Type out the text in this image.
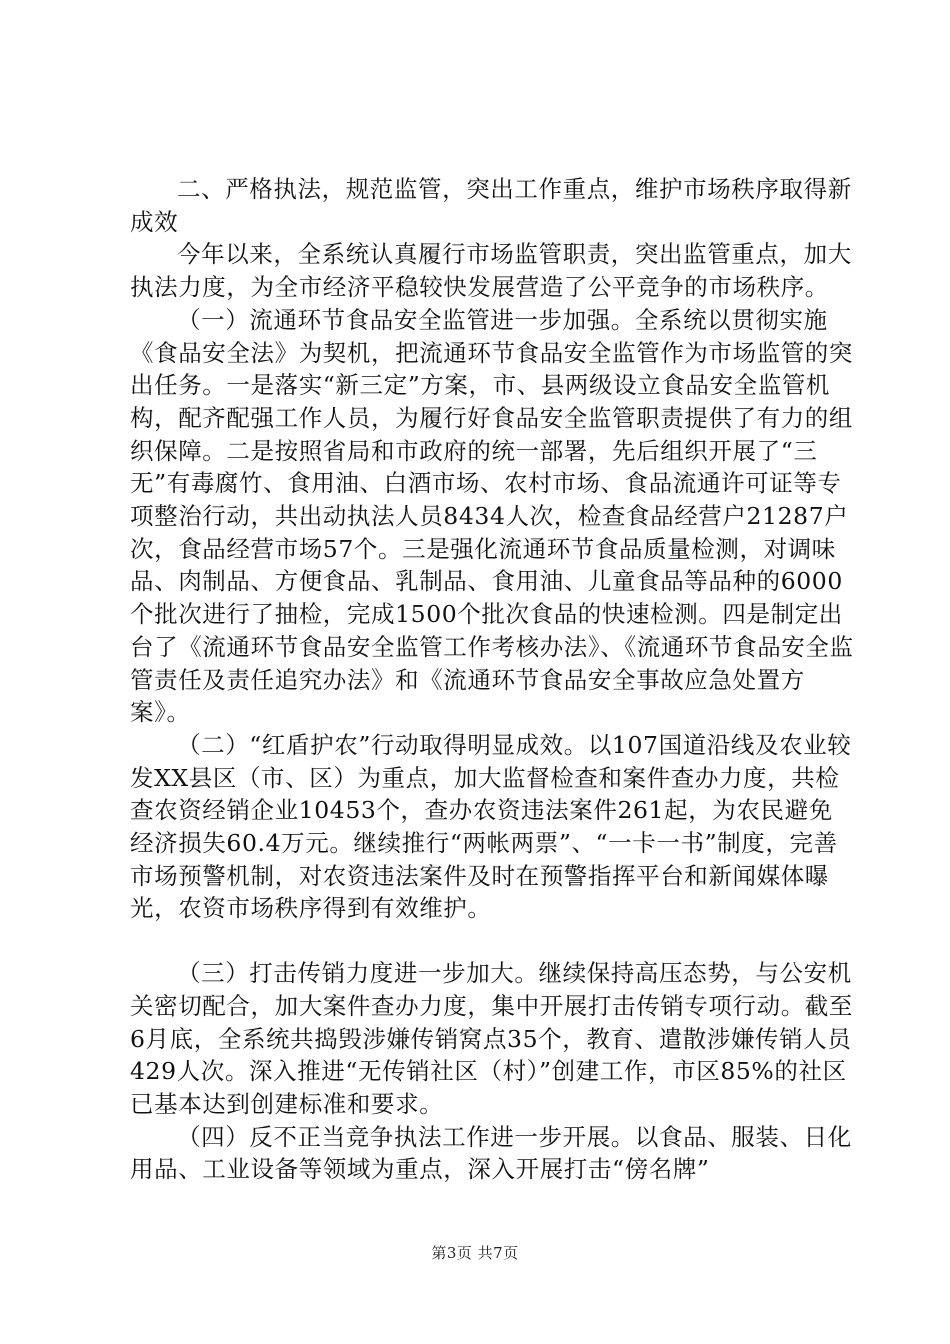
二、严格执法，规范监管，突出工作重点，维护市场秩序取得新成效

今年以来，全系统认真履行市场监管职责，突出监管重点，加大执法力度，为全市经济平稳较快发展营造了公平竞争的市场秩序。

（一）流通环节食品安全监管进一步加强。全系统以贯彻实施《食品安全法》为契机，把流通环节食品安全监管作为市场监管的突出任务。一是落实“新三定”方案，市、县两级设立食品安全监管机构，配齐配强工作人员，为履行好食品安全监管职责提供了有力的组织保障。二是按照省局和市政府的统一部署，先后组织开展了“三无”有毒腐竹、食用油、白酒市场、农村市场、食品流通许可证等专项整治行动，共出动执法人员8434人次，检查食品经营户21287户次，食品经营市场57个。三是强化流通环节食品质量检测，对调味品、肉制品、方便食品、乳制品、食用油、儿童食品等品种的6000个批次进行了抽检，完成1500个批次食品的快速检测。四是制定出台了《流通环节食品安全监管工作考核办法》、《流通环节食品安全监管责任及责任追究办法》和《流通环节食品安全事故应急处置方案》。

（二）“红盾护农”行动取得明显成效。以107国道沿线及农业较发XX县区（市、区）为重点，加大监督检查和案件查办力度，共检查农资经销企业10453个，查办农资违法案件261起，为农民避免经济损失60.4万元。继续推行“两帐两票”、“一卡一书”制度，完善市场预警机制，对农资违法案件及时在预警指挥平台和新闻媒体曝光，农资市场秩序得到有效维护。

（三）打击传销力度进一步加大。继续保持高压态势，与公安机关密切配合，加大案件查办力度，集中开展打击传销专项行动。截至6月底，全系统共捣毁涉嫌传销窝点35个，教育、遣散涉嫌传销人员429人次。深入推进“无传销社区（村）”创建工作，市区85%的社区已基本达到创建标准和要求。

（四）反不正当竞争执法工作进一步开展。以食品、服装、日化用品、工业设备等领域为重点，深入开展打击“傍名牌”

第3页 共7页
